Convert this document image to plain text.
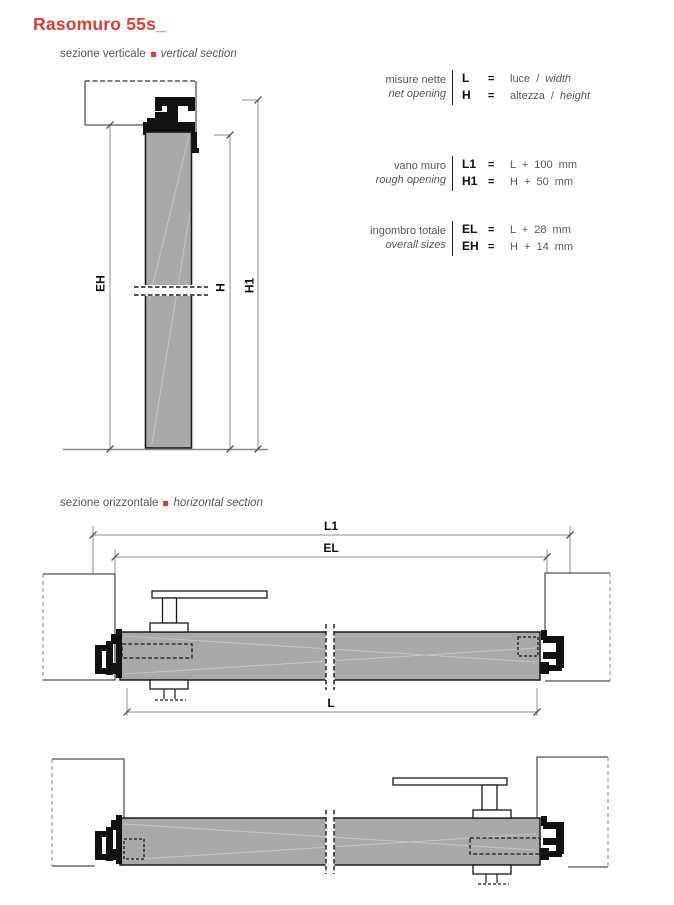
Rasomuro 55s_
sezione verticale vertical section
sezione orizzontale horizontal section
misure nette
net opening
L	=	luce / width
H	=	altezza / height
vano muro
rough opening
L1	=	L + 100 mm
H1 =	H + 50 mm
ingombro totale
overall sizes
EL =	L + 28 mm
EH =	H + 14 mm
EH	H H1
L1
EL
L
